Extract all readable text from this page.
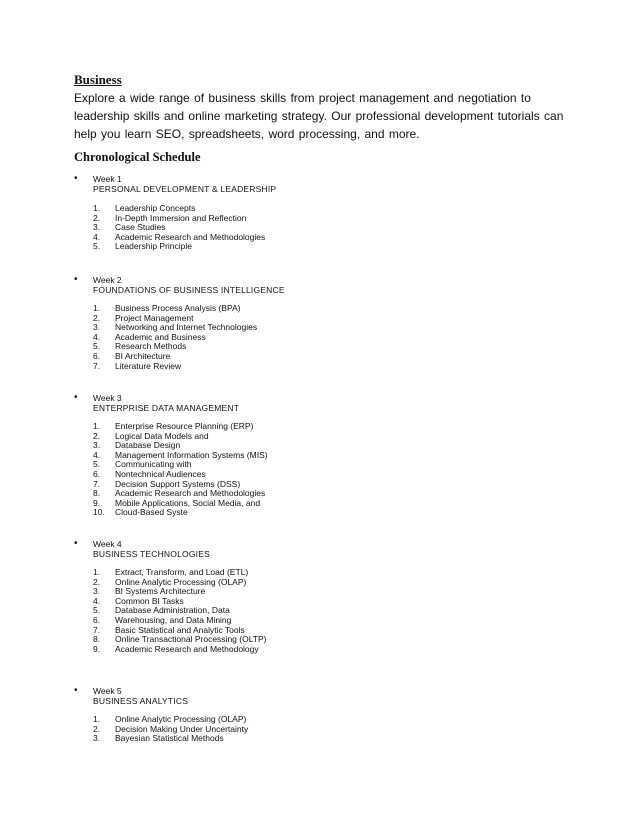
Business
Explore a wide range of business skills from project management and negotiation to leadership skills and online marketing strategy. Our professional development tutorials can help you learn SEO, spreadsheets, word processing, and more.
Chronological Schedule
• Week 1
PERSONAL DEVELOPMENT & LEADERSHIP
1. Leadership Concepts
2. In-Depth Immersion and Reflection
3. Case Studies
4. Academic Research and Methodologies
5. Leadership Principle
• Week 2
FOUNDATIONS OF BUSINESS INTELLIGENCE
1. Business Process Analysis (BPA)
2. Project Management
3. Networking and Internet Technologies
4. Academic and Business
5. Research Methods
6. BI Architecture
7. Literature Review
• Week 3
ENTERPRISE DATA MANAGEMENT
1. Enterprise Resource Planning (ERP)
2. Logical Data Models and
3. Database Design
4. Management Information Systems (MIS)
5. Communicating with
6. Nontechnical Audiences
7. Decision Support Systems (DSS)
8. Academic Research and Methodologies
9. Mobile Applications, Social Media, and
10. Cloud-Based Syste
• Week 4
BUSINESS TECHNOLOGIES
1. Extract, Transform, and Load (ETL)
2. Online Analytic Processing (OLAP)
3. BI Systems Architecture
4. Common BI Tasks
5. Database Administration, Data
6. Warehousing, and Data Mining
7. Basic Statistical and Analytic Tools
8. Online Transactional Processing (OLTP)
9. Academic Research and Methodology
• Week 5
BUSINESS ANALYTICS
1. Online Analytic Processing (OLAP)
2. Decision Making Under Uncertainty
3. Bayesian Statistical Methods
